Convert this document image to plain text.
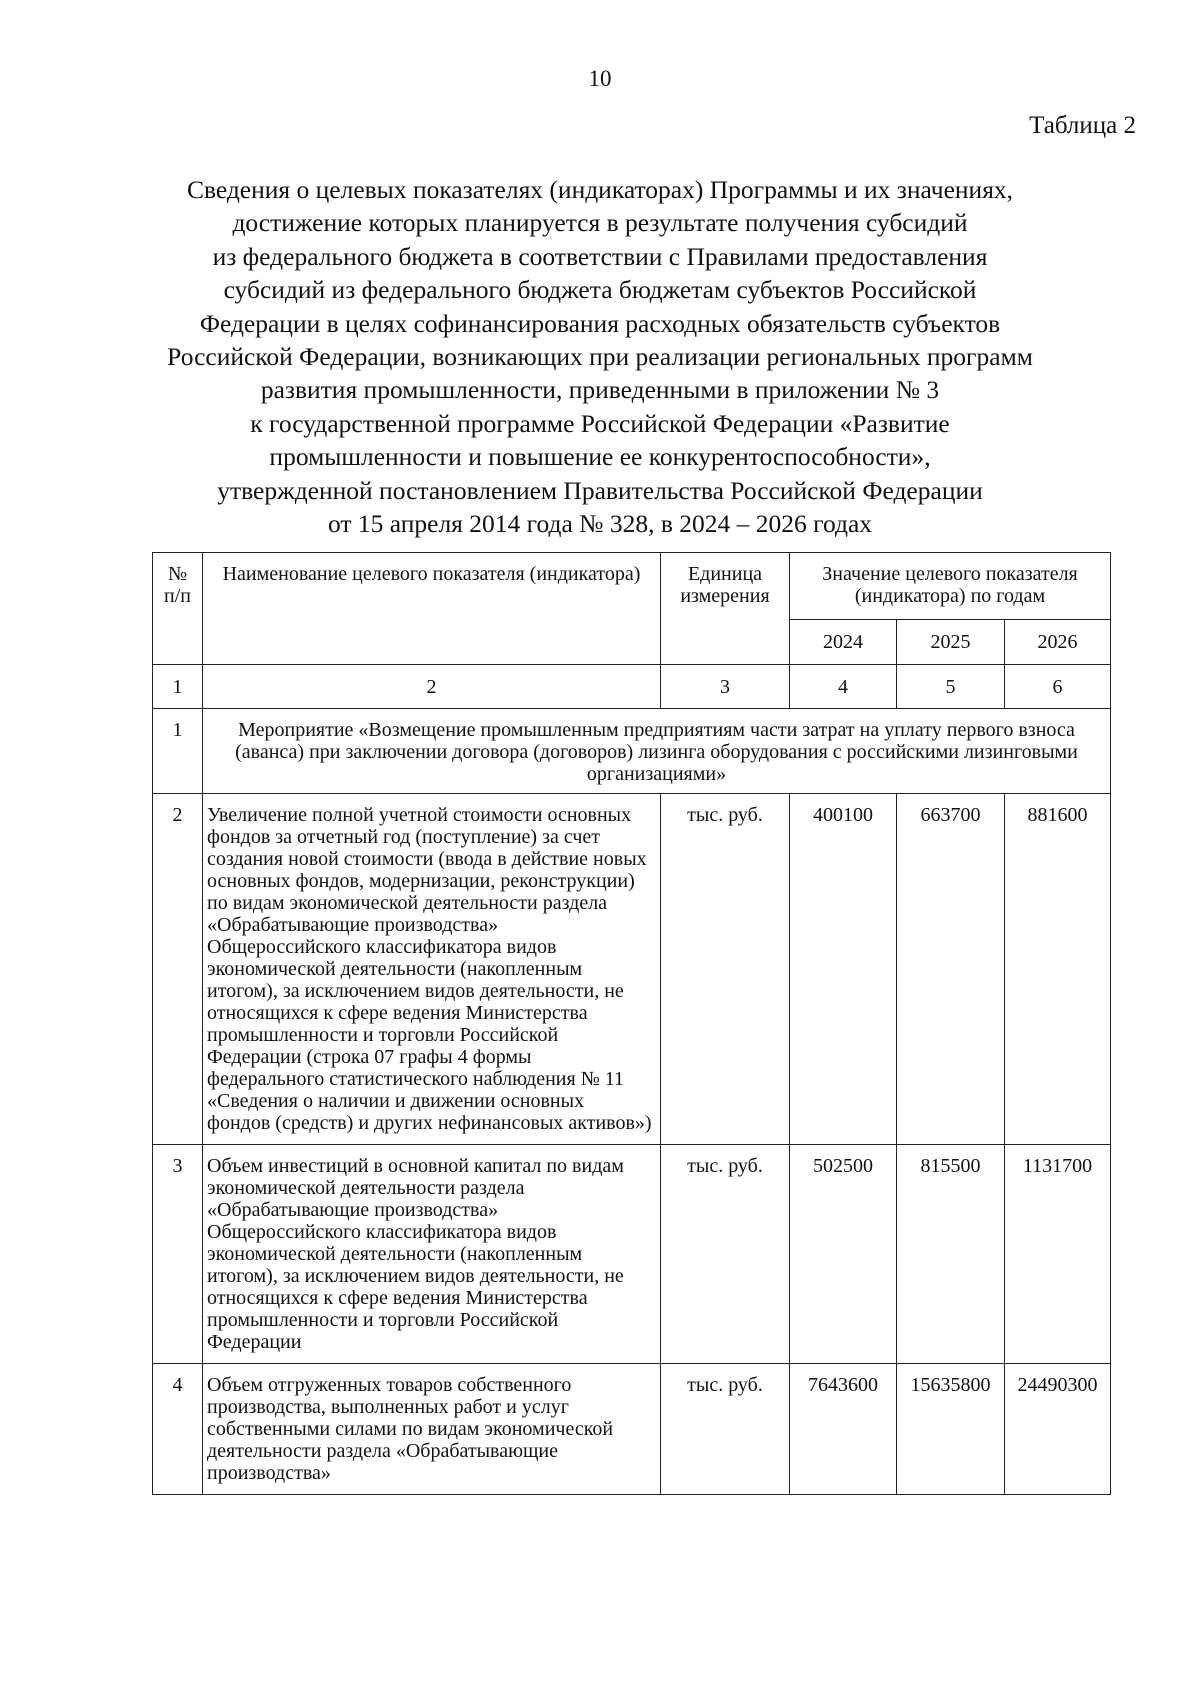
10
Таблица 2
Сведения о целевых показателях (индикаторах) Программы и их значениях,
достижение которых планируется в результате получения субсидий
из федерального бюджета в соответствии с Правилами предоставления
субсидий из федерального бюджета бюджетам субъектов Российской
Федерации в целях софинансирования расходных обязательств субъектов
Российской Федерации, возникающих при реализации региональных программ
развития промышленности, приведенными в приложении № 3
к государственной программе Российской Федерации «Развитие
промышленности и повышение ее конкурентоспособности»,
утвержденной постановлением Правительства Российской Федерации
от 15 апреля 2014 года № 328, в 2024 – 2026 годах
№ п/п	Наименование целевого показателя (индикатора)	Единица измерения	Значение целевого показателя (индикатора) по годам		
			2024	2025	2026
1	2	3	4	5	6
1	Мероприятие «Возмещение промышленным предприятиям части затрат на уплату первого взноса (аванса) при заключении договора (договоров) лизинга оборудования с российскими лизинговыми организациями»				
2	Увеличение полной учетной стоимости основных фондов за отчетный год (поступление) за счет создания новой стоимости (ввода в действие новых основных фондов, модернизации, реконструкции) по видам экономической деятельности раздела «Обрабатывающие производства» Общероссийского классификатора видов экономической деятельности (накопленным итогом), за исключением видов деятельности, не относящихся к сфере ведения Министерства промышленности и торговли Российской Федерации (строка 07 графы 4 формы федерального статистического наблюдения № 11 «Сведения о наличии и движении основных фондов (средств) и других нефинансовых активов»)	тыс. руб.	400100	663700	881600
3	Объем инвестиций в основной капитал по видам экономической деятельности раздела «Обрабатывающие производства» Общероссийского классификатора видов экономической деятельности (накопленным итогом), за исключением видов деятельности, не относящихся к сфере ведения Министерства промышленности и торговли Российской Федерации	тыс. руб.	502500	815500	1131700
4	Объем отгруженных товаров собственного производства, выполненных работ и услуг собственными силами по видам экономической деятельности раздела «Обрабатывающие производства»	тыс. руб.	7643600	15635800	24490300
